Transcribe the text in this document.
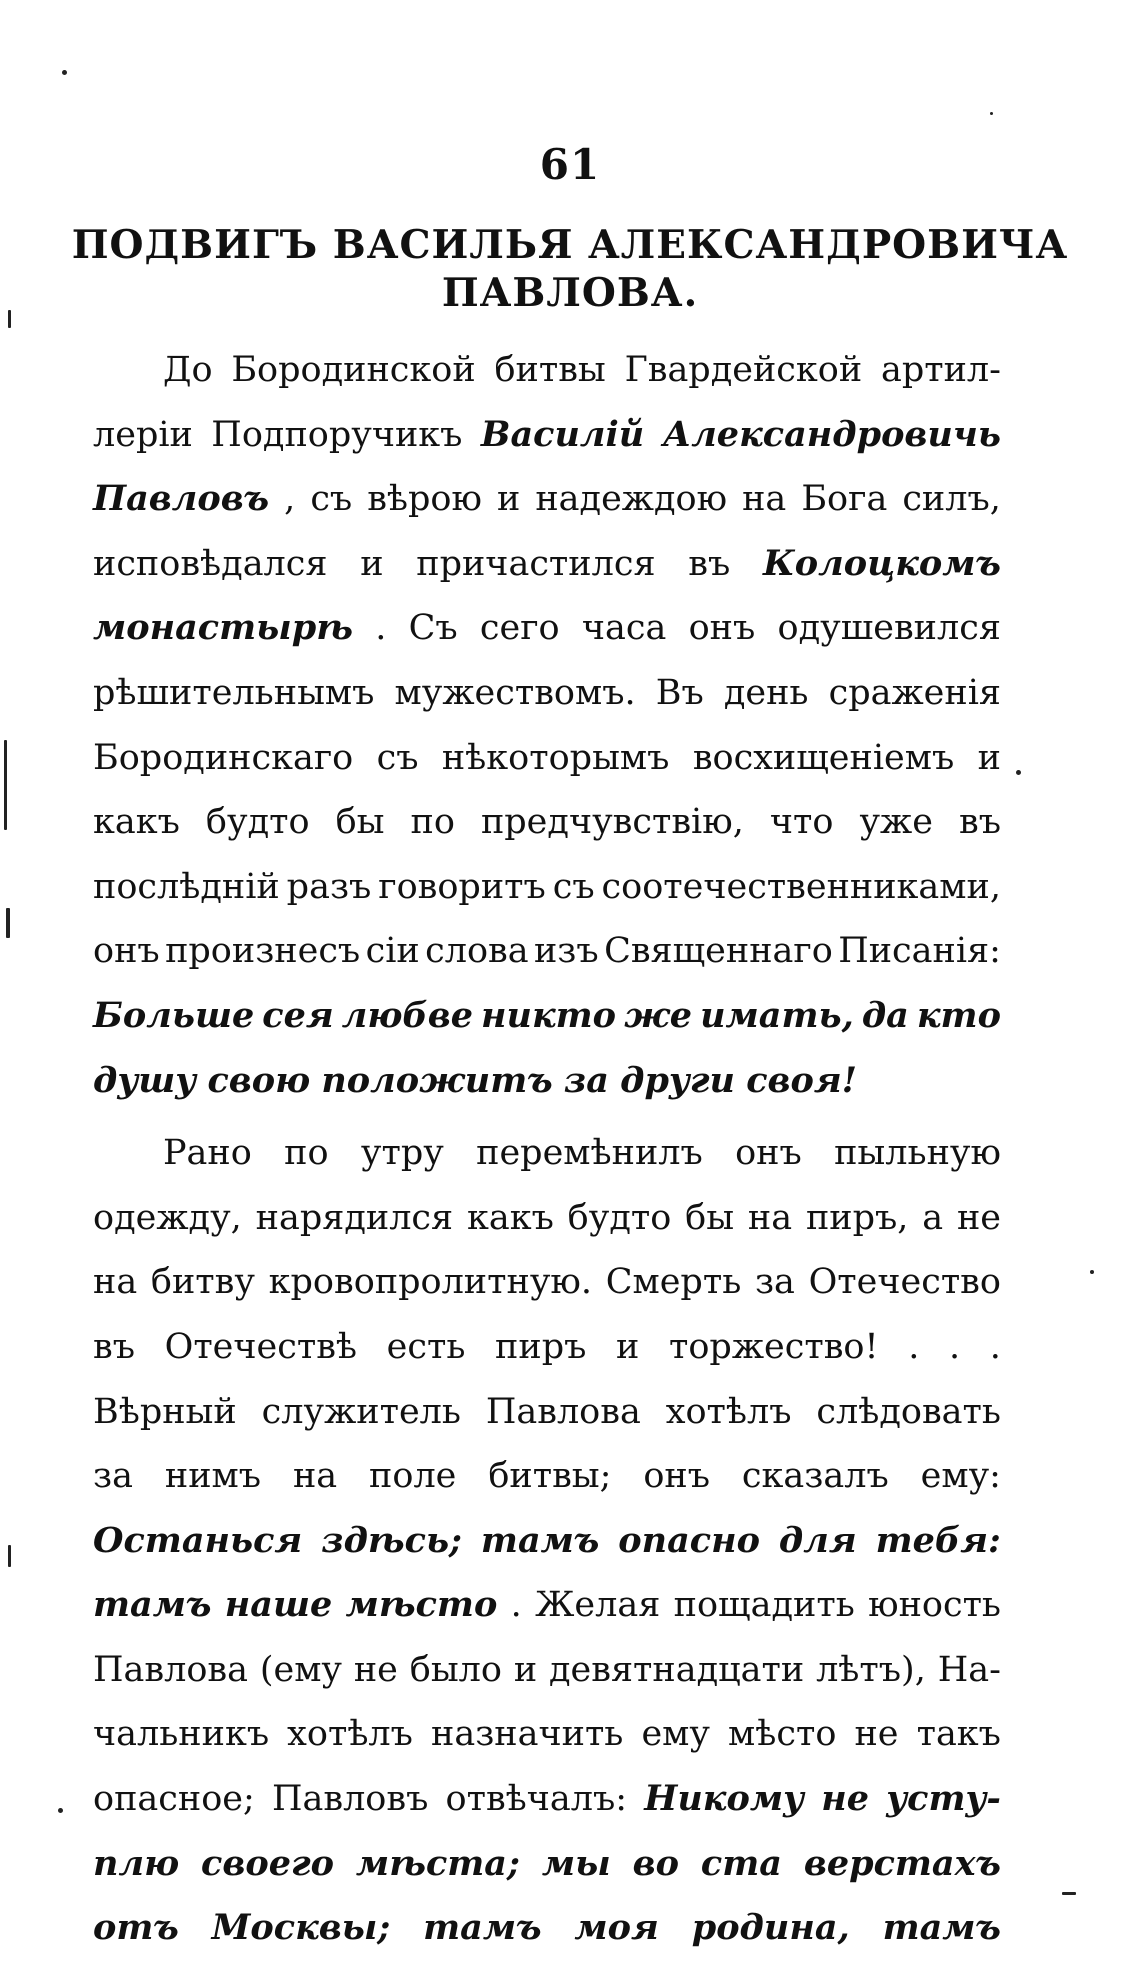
61
ПОДВИГЪ ВАСИЛЬЯ АЛЕКСАНДРОВИЧА
ПАВЛОВА.
До Бородинской битвы Гвардейской артил-
лерiи Подпоручикъ Василiй Александровичь
Павловъ , съ вѣрою и надеждою на Бога силъ,
исповѣдался и причастился въ Колоцкомъ
монастырѣ . Съ сего часа онъ одушевился
рѣшительнымъ мужествомъ. Въ день сраженiя
Бородинскаго съ нѣкоторымъ восхищенiемъ и
какъ будто бы по предчувствiю, что уже въ
послѣднiй разъ говоритъ съ соотечественниками,
онъ произнесъ сiи слова изъ Священнаго Писанiя:
Больше сея любве никто же имать, да кто
душу свою положитъ за други своя!
Рано по утру перемѣнилъ онъ пыльную
одежду, нарядился какъ будто бы на пиръ, а не
на битву кровопролитную. Смерть за Отечество
въ Отечествѣ есть пиръ и торжество! . . .
Вѣрный служитель Павлова хотѣлъ слѣдовать
за нимъ на поле битвы; онъ сказалъ ему:
Останься здѣсь; тамъ опасно для тебя:
тамъ наше мѣсто . Желая пощадить юность
Павлова (ему не было и девятнадцати лѣтъ), На-
чальникъ хотѣлъ назначить ему мѣсто не такъ
опасное; Павловъ отвѣчалъ: Никому не усту-
плю своего мѣста; мы во ста верстахъ
отъ Москвы; тамъ моя родина, тамъ
